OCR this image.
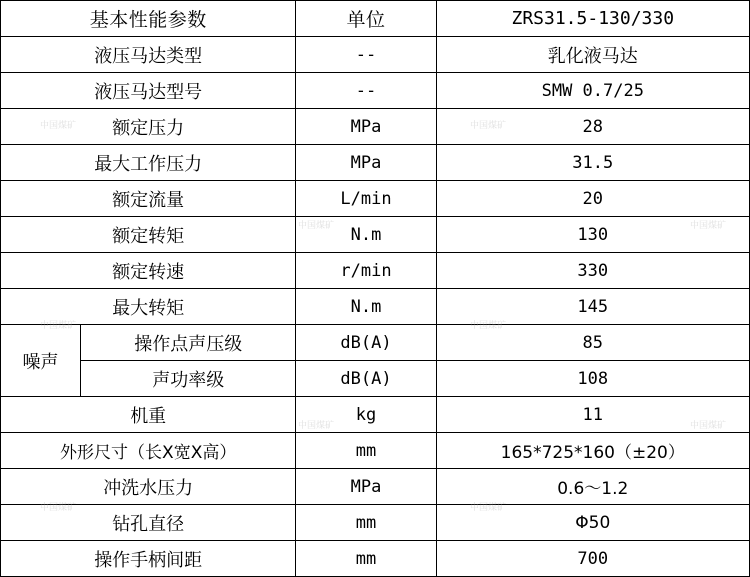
基本性能参数		单位	ZRS31.5-130/330
液压马达类型		--	乳化液马达
液压马达型号		--	SMW 0.7/25
额定压力		MPa	28
最大工作压力		MPa	31.5
额定流量		L/min	20
额定转矩		N.m	130
额定转速		r/min	330
最大转矩		N.m	145
噪声	操作点声压级	dB(A)	85
	声功率级	dB(A)	108
机重		kg	11
外形尺寸（长X宽X高）		mm	165*725*160（±20）
冲洗水压力		MPa	0.6～1.2
钻孔直径		mm	Φ50
操作手柄间距		mm	700
中国煤矿	中国煤矿
中国煤矿	中国煤矿
中国煤矿	中国煤矿
中国煤矿	中国煤矿
中国煤矿	中国煤矿
